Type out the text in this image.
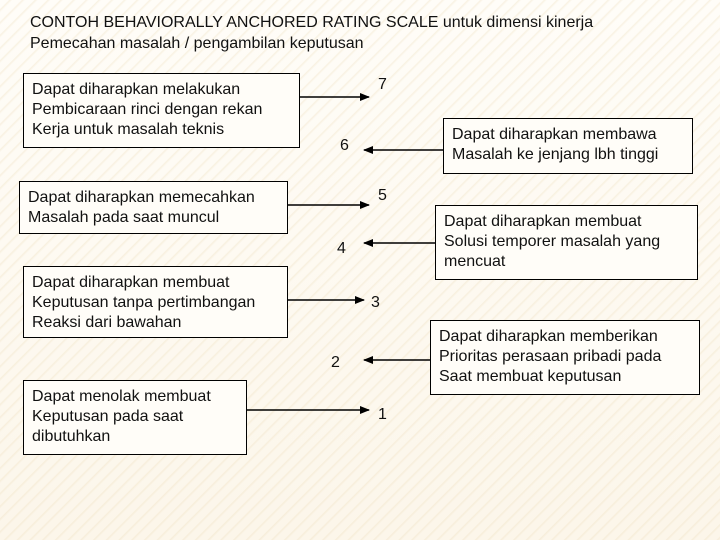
CONTOH BEHAVIORALLY ANCHORED RATING SCALE untuk dimensi kinerja
Pemecahan masalah / pengambilan keputusan
Dapat diharapkan melakukan
Pembicaraan rinci dengan rekan
Kerja untuk masalah teknis
Dapat diharapkan memecahkan
Masalah pada saat muncul
Dapat diharapkan membuat
Keputusan tanpa pertimbangan
Reaksi dari bawahan
Dapat menolak membuat
Keputusan pada saat
dibutuhkan
Dapat diharapkan membawa
Masalah ke jenjang lbh tinggi
Dapat diharapkan membuat
Solusi temporer masalah yang
mencuat
Dapat diharapkan memberikan
Prioritas perasaan pribadi pada
Saat membuat keputusan
7
6
5
4
3
2
1
